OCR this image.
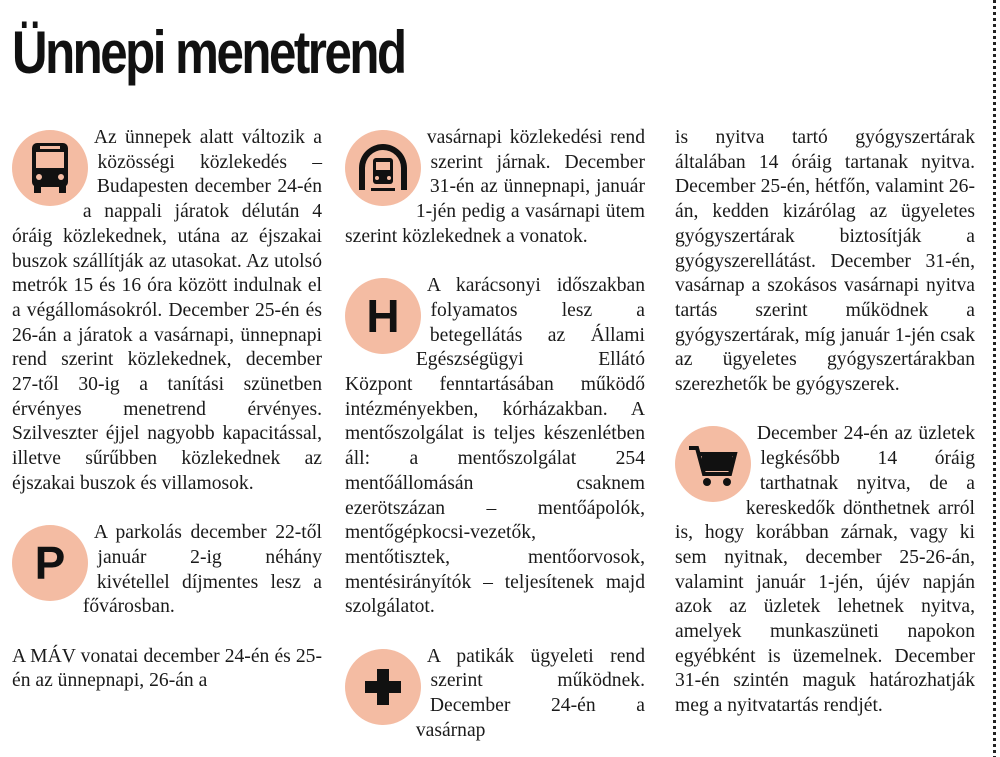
Ünnepi menetrend

Az ünnepek alatt változik a közösségi közlekedés – Budapesten december 24-én a nappali járatok délután 4 óráig közlekednek, utána az éjszakai buszok szállítják az utasokat. Az utolsó metrók 15 és 16 óra között indulnak el a végállomásokról. December 25-én és 26-án a járatok a vasárnapi, ünnepnapi rend szerint közlekednek, december 27-től 30-ig a tanítási szünetben érvényes menetrend érvényes. Szilveszter éjjel nagyobb kapacitással, illetve sűrűbben közlekednek az éjszakai buszok és villamosok.

P

A parkolás december 22-től január 2-ig néhány kivétellel díjmentes lesz a fővárosban.

A MÁV vonatai december 24-én és 25-én az ünnepnapi, 26-án a

vasárnapi közlekedési rend szerint járnak. December 31-én az ünnepnapi, január 1-jén pedig a vasárnapi ütem szerint közlekednek a vonatok.

H

A karácsonyi időszakban folyamatos lesz a betegellátás az Állami Egészségügyi Ellátó Központ fenntartásában működő intézményekben, kórházakban. A mentőszolgálat is teljes készenlétben áll: a mentőszolgálat 254 mentőállomásán csaknem ezerötszázan – mentőápolók, mentőgépkocsi-vezetők, mentőtisztek, mentőorvosok, mentésirányítók – teljesítenek majd szolgálatot.

A patikák ügyeleti rend szerint működnek. December 24-én a vasárnap

is nyitva tartó gyógyszertárak általában 14 óráig tartanak nyitva. December 25-én, hétfőn, valamint 26-án, kedden kizárólag az ügyeletes gyógyszertárak biztosítják a gyógyszerellátást. December 31-én, vasárnap a szokásos vasárnapi nyitva tartás szerint működnek a gyógyszertárak, míg január 1-jén csak az ügyeletes gyógyszertárakban szerezhetők be gyógyszerek.

December 24-én az üzletek legkésőbb 14 óráig tarthatnak nyitva, de a kereskedők dönthetnek arról is, hogy korábban zárnak, vagy ki sem nyitnak, december 25-26-án, valamint január 1-jén, újév napján azok az üzletek lehetnek nyitva, amelyek munkaszüneti napokon egyébként is üzemelnek. December 31-én szintén maguk határozhatják meg a nyitvatartás rendjét.
